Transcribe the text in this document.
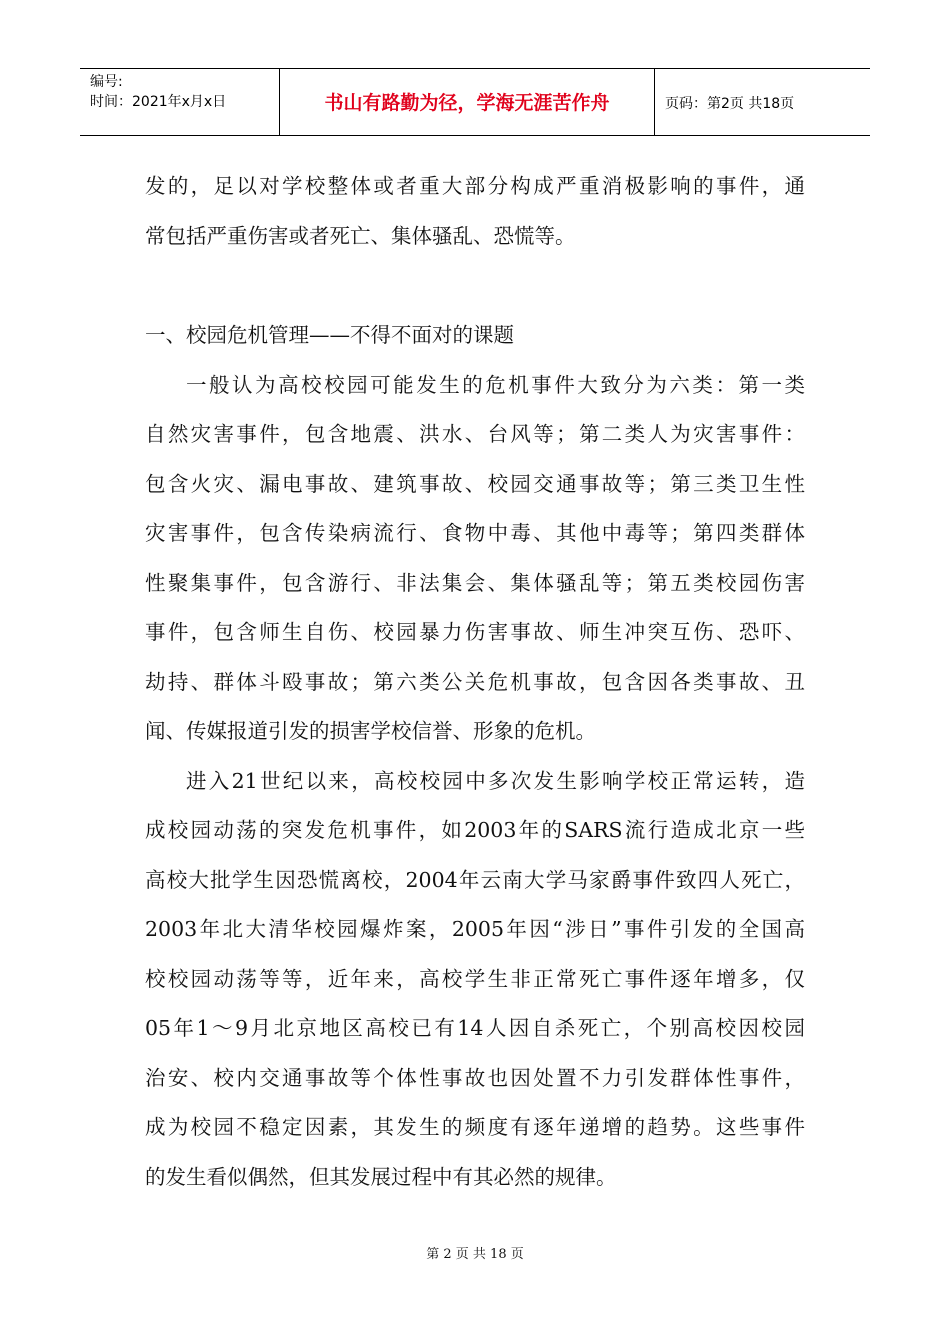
编号:
时间：2021年x月x日	书山有路勤为径，学海无涯苦作舟	页码：第2页 共18页
发的，足以对学校整体或者重大部分构成严重消极影响的事件，通
常包括严重伤害或者死亡、集体骚乱、恐慌等。
一、校园危机管理——不得不面对的课题
一般认为高校校园可能发生的危机事件大致分为六类：第一类
自然灾害事件，包含地震、洪水、台风等；第二类人为灾害事件：
包含火灾、漏电事故、建筑事故、校园交通事故等；第三类卫生性
灾害事件，包含传染病流行、食物中毒、其他中毒等；第四类群体
性聚集事件，包含游行、非法集会、集体骚乱等；第五类校园伤害
事件，包含师生自伤、校园暴力伤害事故、师生冲突互伤、恐吓、
劫持、群体斗殴事故；第六类公关危机事故，包含因各类事故、丑
闻、传媒报道引发的损害学校信誉、形象的危机。
进入21世纪以来，高校校园中多次发生影响学校正常运转，造
成校园动荡的突发危机事件，如2003年的SARS流行造成北京一些
高校大批学生因恐慌离校，2004年云南大学马家爵事件致四人死亡，
2003年北大清华校园爆炸案，2005年因“涉日”事件引发的全国高
校校园动荡等等，近年来，高校学生非正常死亡事件逐年增多，仅
05年1～9月北京地区高校已有14人因自杀死亡，个别高校因校园
治安、校内交通事故等个体性事故也因处置不力引发群体性事件，
成为校园不稳定因素，其发生的频度有逐年递增的趋势。这些事件
的发生看似偶然，但其发展过程中有其必然的规律。
第 2 页 共 18 页
